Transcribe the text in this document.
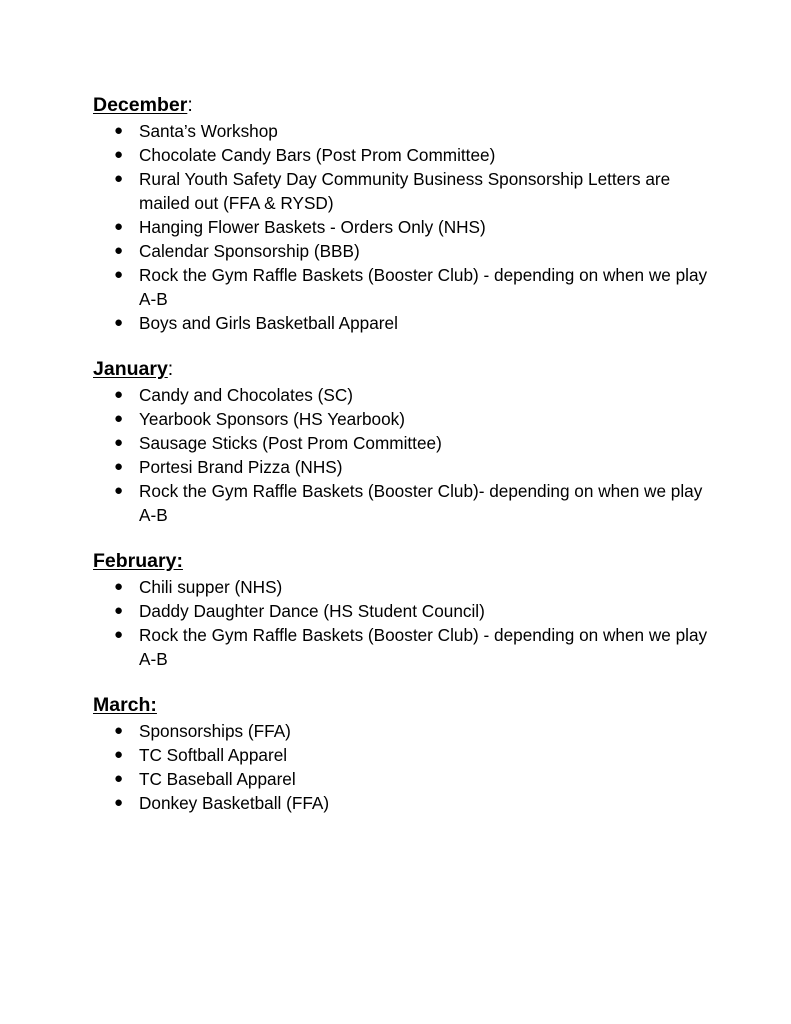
December:
● Santa’s Workshop
● Chocolate Candy Bars (Post Prom Committee)
● Rural Youth Safety Day Community Business Sponsorship Letters are mailed out (FFA & RYSD)
● Hanging Flower Baskets - Orders Only (NHS)
● Calendar Sponsorship (BBB)
● Rock the Gym Raffle Baskets (Booster Club) - depending on when we play A-B
● Boys and Girls Basketball Apparel
January:
● Candy and Chocolates (SC)
● Yearbook Sponsors (HS Yearbook)
● Sausage Sticks (Post Prom Committee)
● Portesi Brand Pizza (NHS)
● Rock the Gym Raffle Baskets (Booster Club)- depending on when we play A-B
February:
● Chili supper (NHS)
● Daddy Daughter Dance (HS Student Council)
● Rock the Gym Raffle Baskets (Booster Club) - depending on when we play A-B
March:
● Sponsorships (FFA)
● TC Softball Apparel
● TC Baseball Apparel
● Donkey Basketball (FFA)
